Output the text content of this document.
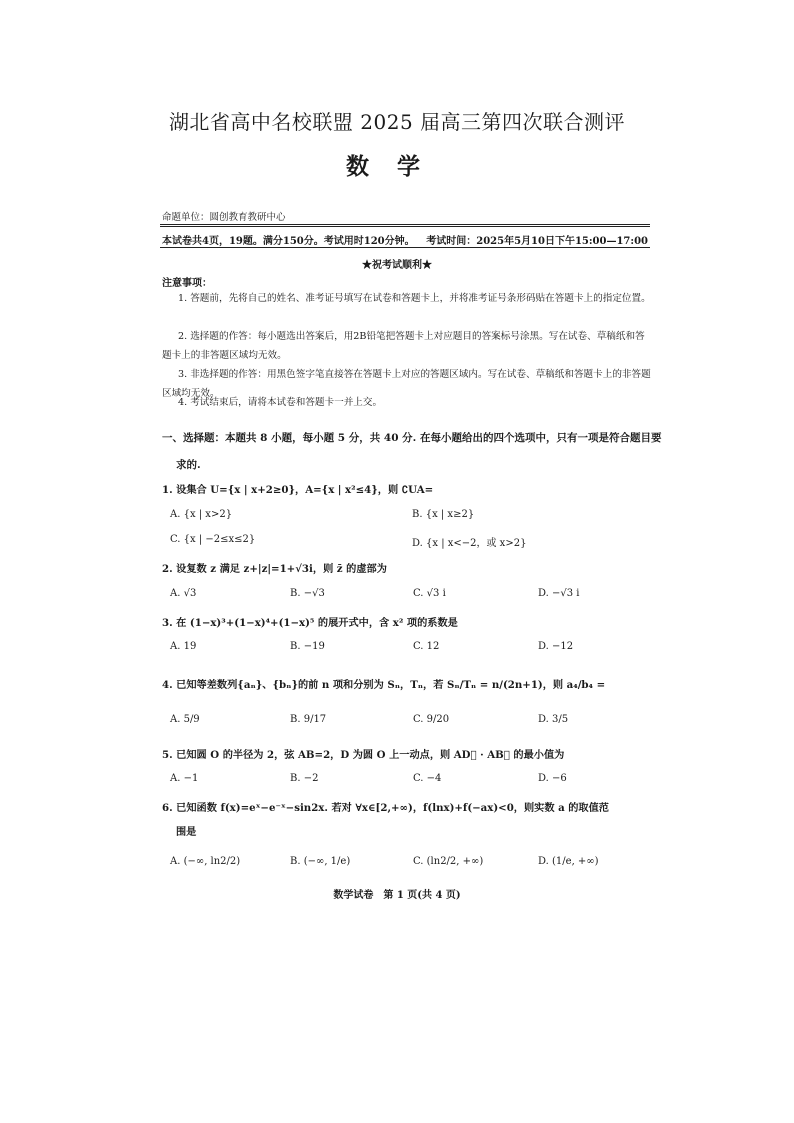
湖北省高中名校联盟 2025 届高三第四次联合测评
数学
命题单位：圆创教育教研中心
本试卷共4页，19题。满分150分。考试用时120分钟。 考试时间：2025年5月10日下午15:00—17:00
★祝考试顺利★
注意事项：
1. 答题前，先将自己的姓名、准考证号填写在试卷和答题卡上，并将准考证号条形码贴在答题卡上的指定位置。
2. 选择题的作答：每小题选出答案后，用2B铅笔把答题卡上对应题目的答案标号涂黑。写在试卷、草稿纸和答题卡上的非答题区域均无效。
3. 非选择题的作答：用黑色签字笔直接答在答题卡上对应的答题区域内。写在试卷、草稿纸和答题卡上的非答题区域均无效。
4. 考试结束后，请将本试卷和答题卡一并上交。
一、选择题：本题共 8 小题，每小题 5 分，共 40 分. 在每小题给出的四个选项中，只有一项是符合题目要
求的.
1. 设集合 U={x | x+2≥0}，A={x | x²≤4}，则 ∁UA=
A. {x | x>2}	B. {x | x≥2}
C. {x | −2≤x≤2}	D. {x | x<−2，或 x>2}
2. 设复数 z 满足 z+|z|=1+√3i，则 z̄ 的虚部为
A. √3	B. −√3	C. √3 i	D. −√3 i
3. 在 (1−x)³+(1−x)⁴+(1−x)⁵ 的展开式中，含 x² 项的系数是
A. 19	B. −19	C. 12	D. −12
4. 已知等差数列{aₙ}、{bₙ}的前 n 项和分别为 Sₙ，Tₙ，若 Sₙ/Tₙ = n/(2n+1)，则 a₄/b₄ =
A. 5/9	B. 9/17	C. 9/20	D. 3/5
5. 已知圆 O 的半径为 2，弦 AB=2，D 为圆 O 上一动点，则 AD⃗ · AB⃗ 的最小值为
A. −1	B. −2	C. −4	D. −6
6. 已知函数 f(x)=eˣ−e⁻ˣ−sin2x. 若对 ∀x∈[2,+∞)，f(lnx)+f(−ax)<0，则实数 a 的取值范
围是
A. (−∞, ln2/2)	B. (−∞, 1/e)	C. (ln2/2, +∞)	D. (1/e, +∞)
数学试卷　第 1 页(共 4 页)
